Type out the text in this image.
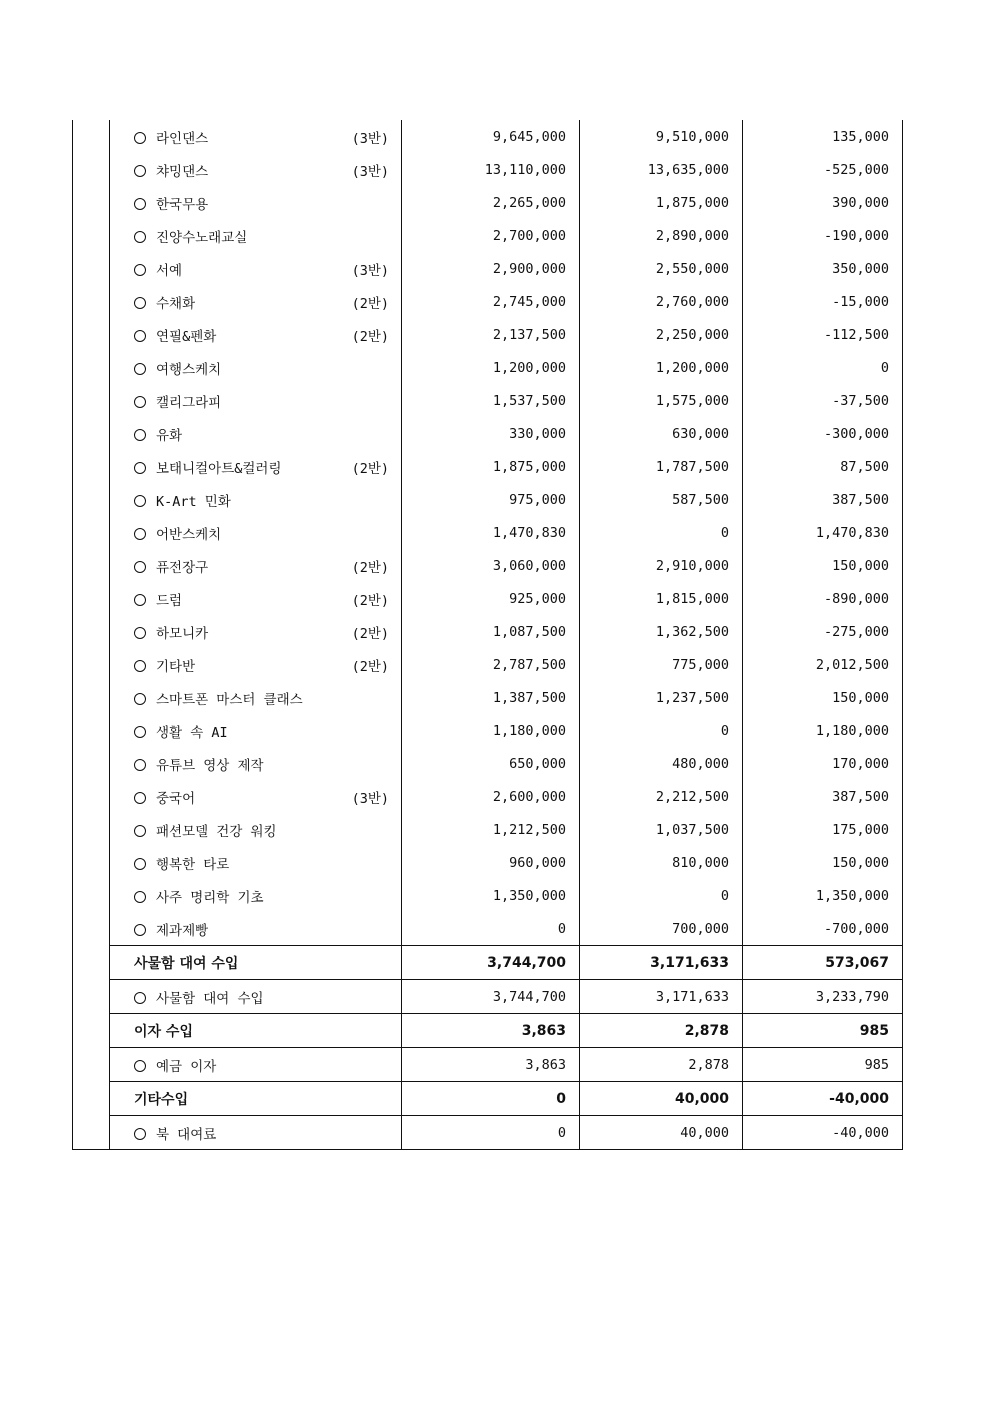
	라인댄스 (3반)	9,645,000	9,510,000	135,000
	챠밍댄스 (3반)	13,110,000	13,635,000	-525,000
	한국무용	2,265,000	1,875,000	390,000
	진양수노래교실	2,700,000	2,890,000	-190,000
	서예 (3반)	2,900,000	2,550,000	350,000
	수채화 (2반)	2,745,000	2,760,000	-15,000
	연필&펜화 (2반)	2,137,500	2,250,000	-112,500
	여행스케치	1,200,000	1,200,000	0
	캘리그라피	1,537,500	1,575,000	-37,500
	유화	330,000	630,000	-300,000
	보태니컬아트&컬러링 (2반)	1,875,000	1,787,500	87,500
	K-Art 민화	975,000	587,500	387,500
	어반스케치	1,470,830	0	1,470,830
	퓨전장구 (2반)	3,060,000	2,910,000	150,000
	드럼 (2반)	925,000	1,815,000	-890,000
	하모니카 (2반)	1,087,500	1,362,500	-275,000
	기타반 (2반)	2,787,500	775,000	2,012,500
	스마트폰 마스터 클래스	1,387,500	1,237,500	150,000
	생활 속 AI	1,180,000	0	1,180,000
	유튜브 영상 제작	650,000	480,000	170,000
	중국어 (3반)	2,600,000	2,212,500	387,500
	패션모델 건강 워킹	1,212,500	1,037,500	175,000
	행복한 타로	960,000	810,000	150,000
	사주 명리학 기초	1,350,000	0	1,350,000
	제과제빵	0	700,000	-700,000
	사물함 대여 수입	3,744,700	3,171,633	573,067
	사물함 대여 수입	3,744,700	3,171,633	3,233,790
	이자 수입	3,863	2,878	985
	예금 이자	3,863	2,878	985
	기타수입	0	40,000	-40,000
	북 대여료	0	40,000	-40,000
